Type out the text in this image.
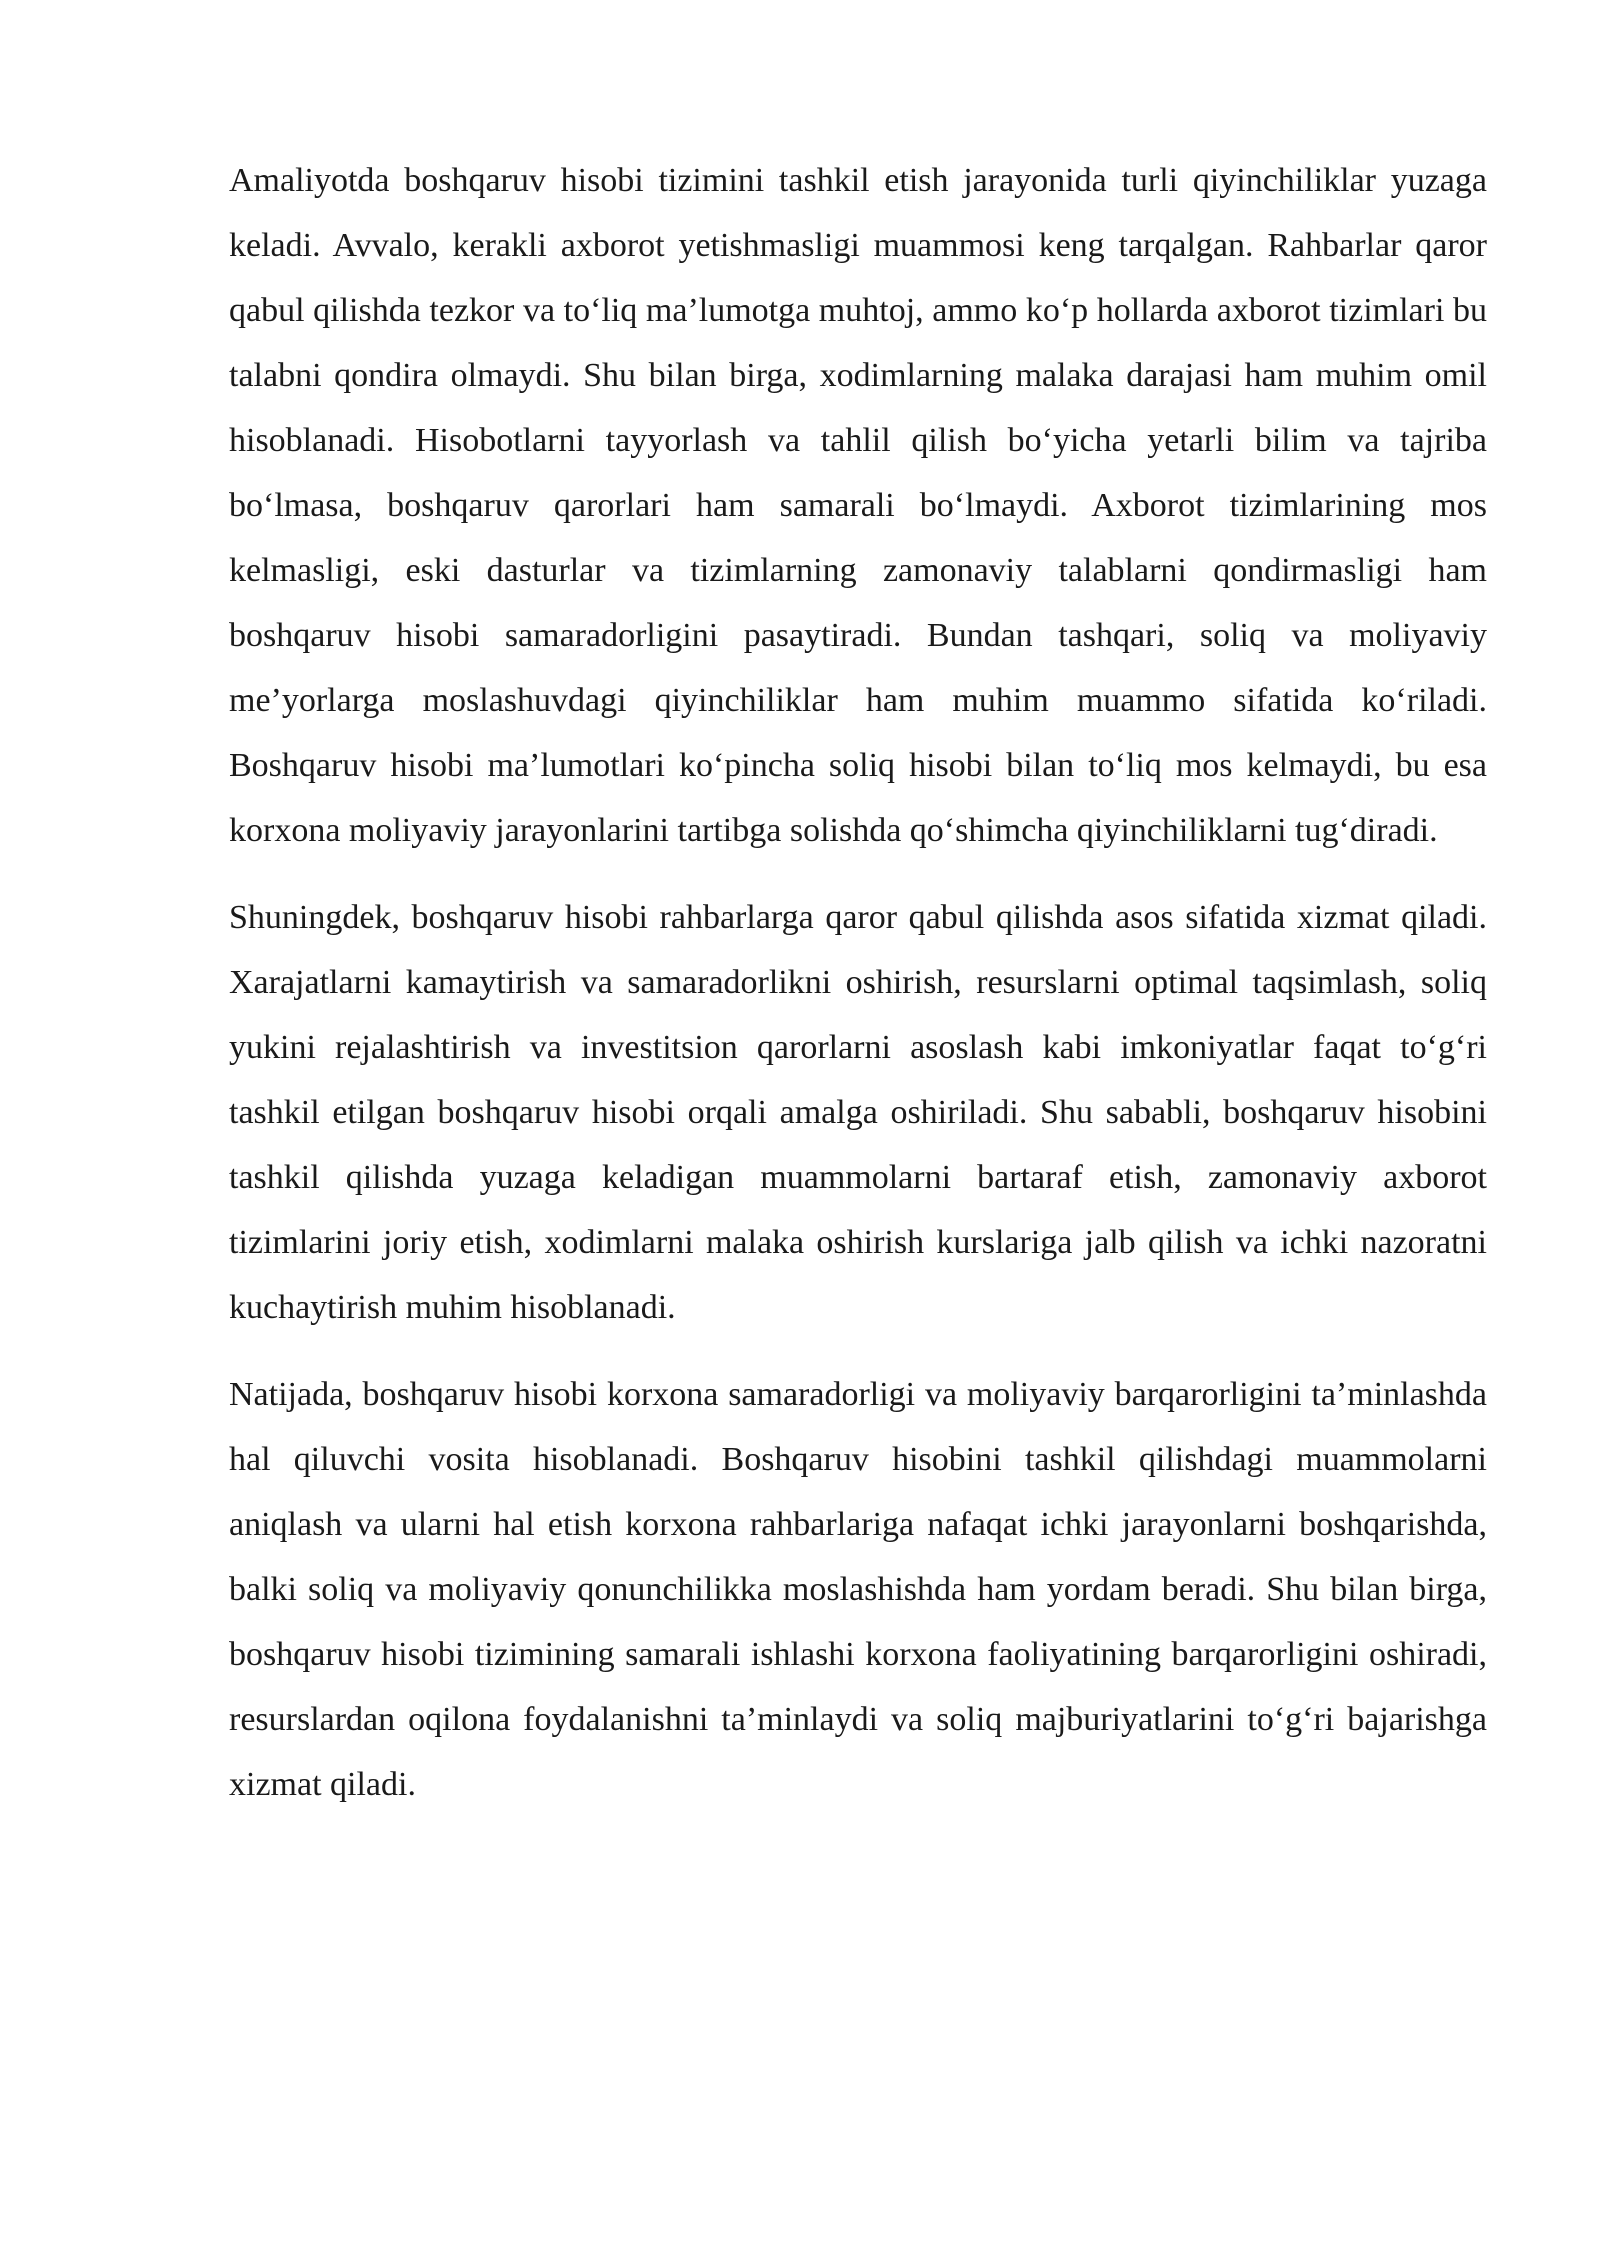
Amaliyotda boshqaruv hisobi tizimini tashkil etish jarayonida turli qiyinchiliklar yuzaga keladi. Avvalo, kerakli axborot yetishmasligi muammosi keng tarqalgan. Rahbarlar qaror qabul qilishda tezkor va to‘liq ma’lumotga muhtoj, ammo ko‘p hollarda axborot tizimlari bu talabni qondira olmaydi. Shu bilan birga, xodimlarning malaka darajasi ham muhim omil hisoblanadi. Hisobotlarni tayyorlash va tahlil qilish bo‘yicha yetarli bilim va tajriba bo‘lmasa, boshqaruv qarorlari ham samarali bo‘lmaydi. Axborot tizimlarining mos kelmasligi, eski dasturlar va tizimlarning zamonaviy talablarni qondirmasligi ham boshqaruv hisobi samaradorligini pasaytiradi. Bundan tashqari, soliq va moliyaviy me’yorlarga moslashuvdagi qiyinchiliklar ham muhim muammo sifatida ko‘riladi. Boshqaruv hisobi ma’lumotlari ko‘pincha soliq hisobi bilan to‘liq mos kelmaydi, bu esa korxona moliyaviy jarayonlarini tartibga solishda qo‘shimcha qiyinchiliklarni tug‘diradi.

Shuningdek, boshqaruv hisobi rahbarlarga qaror qabul qilishda asos sifatida xizmat qiladi. Xarajatlarni kamaytirish va samaradorlikni oshirish, resurslarni optimal taqsimlash, soliq yukini rejalashtirish va investitsion qarorlarni asoslash kabi imkoniyatlar faqat to‘g‘ri tashkil etilgan boshqaruv hisobi orqali amalga oshiriladi. Shu sababli, boshqaruv hisobini tashkil qilishda yuzaga keladigan muammolarni bartaraf etish, zamonaviy axborot tizimlarini joriy etish, xodimlarni malaka oshirish kurslariga jalb qilish va ichki nazoratni kuchaytirish muhim hisoblanadi.

Natijada, boshqaruv hisobi korxona samaradorligi va moliyaviy barqarorligini ta’minlashda hal qiluvchi vosita hisoblanadi. Boshqaruv hisobini tashkil qilishdagi muammolarni aniqlash va ularni hal etish korxona rahbarlariga nafaqat ichki jarayonlarni boshqarishda, balki soliq va moliyaviy qonunchilikka moslashishda ham yordam beradi. Shu bilan birga, boshqaruv hisobi tizimining samarali ishlashi korxona faoliyatining barqarorligini oshiradi, resurslardan oqilona foydalanishni ta’minlaydi va soliq majburiyatlarini to‘g‘ri bajarishga xizmat qiladi.
